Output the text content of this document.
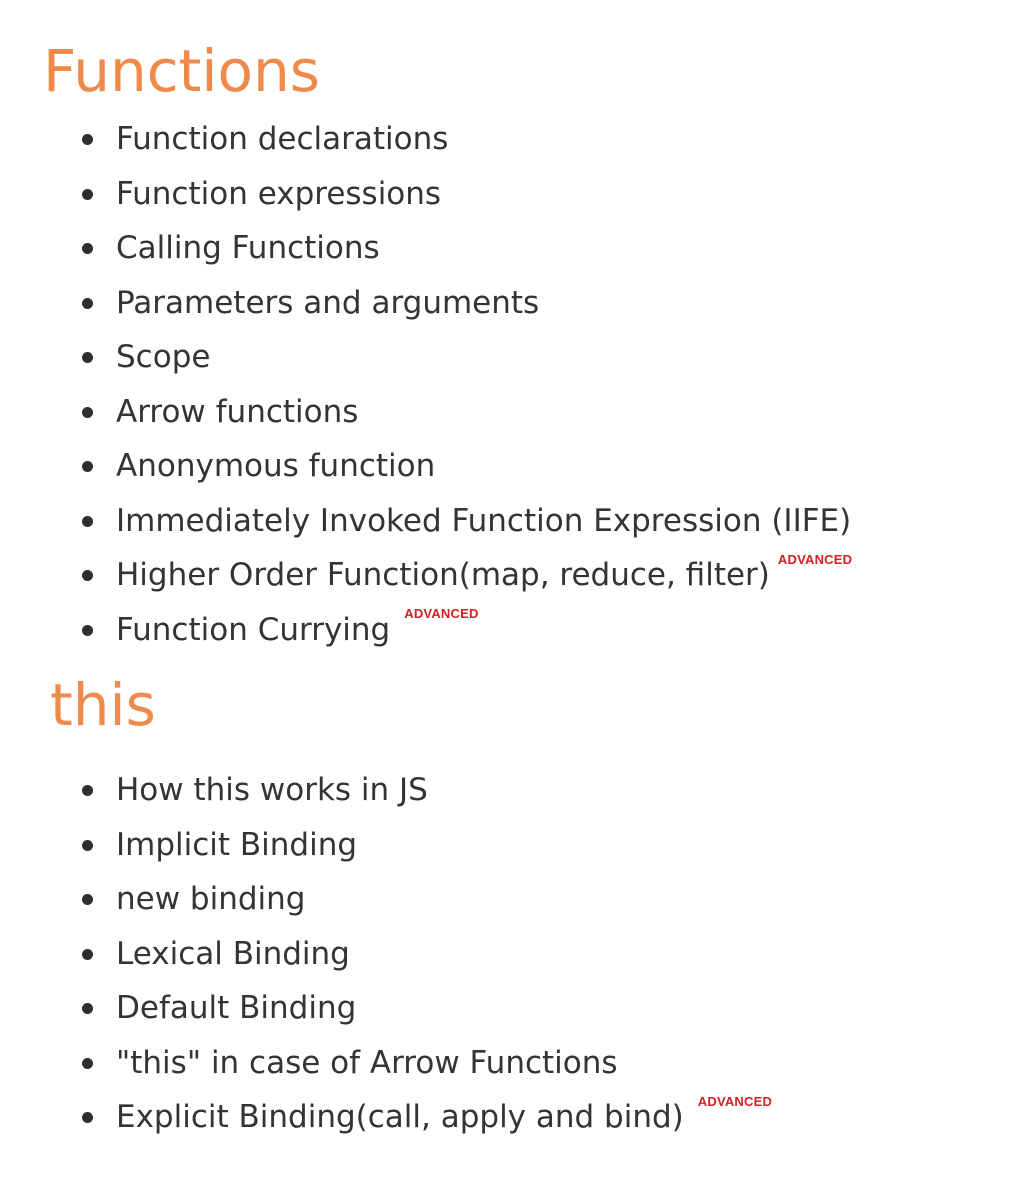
Functions
Function declarations
Function expressions
Calling Functions
Parameters and arguments
Scope
Arrow functions
Anonymous function
Immediately Invoked Function Expression (IIFE)
Higher Order Function(map, reduce, filter) ADVANCED
Function Currying ADVANCED
this
How this works in JS
Implicit Binding
new binding
Lexical Binding
Default Binding
"this" in case of Arrow Functions
Explicit Binding(call, apply and bind) ADVANCED
